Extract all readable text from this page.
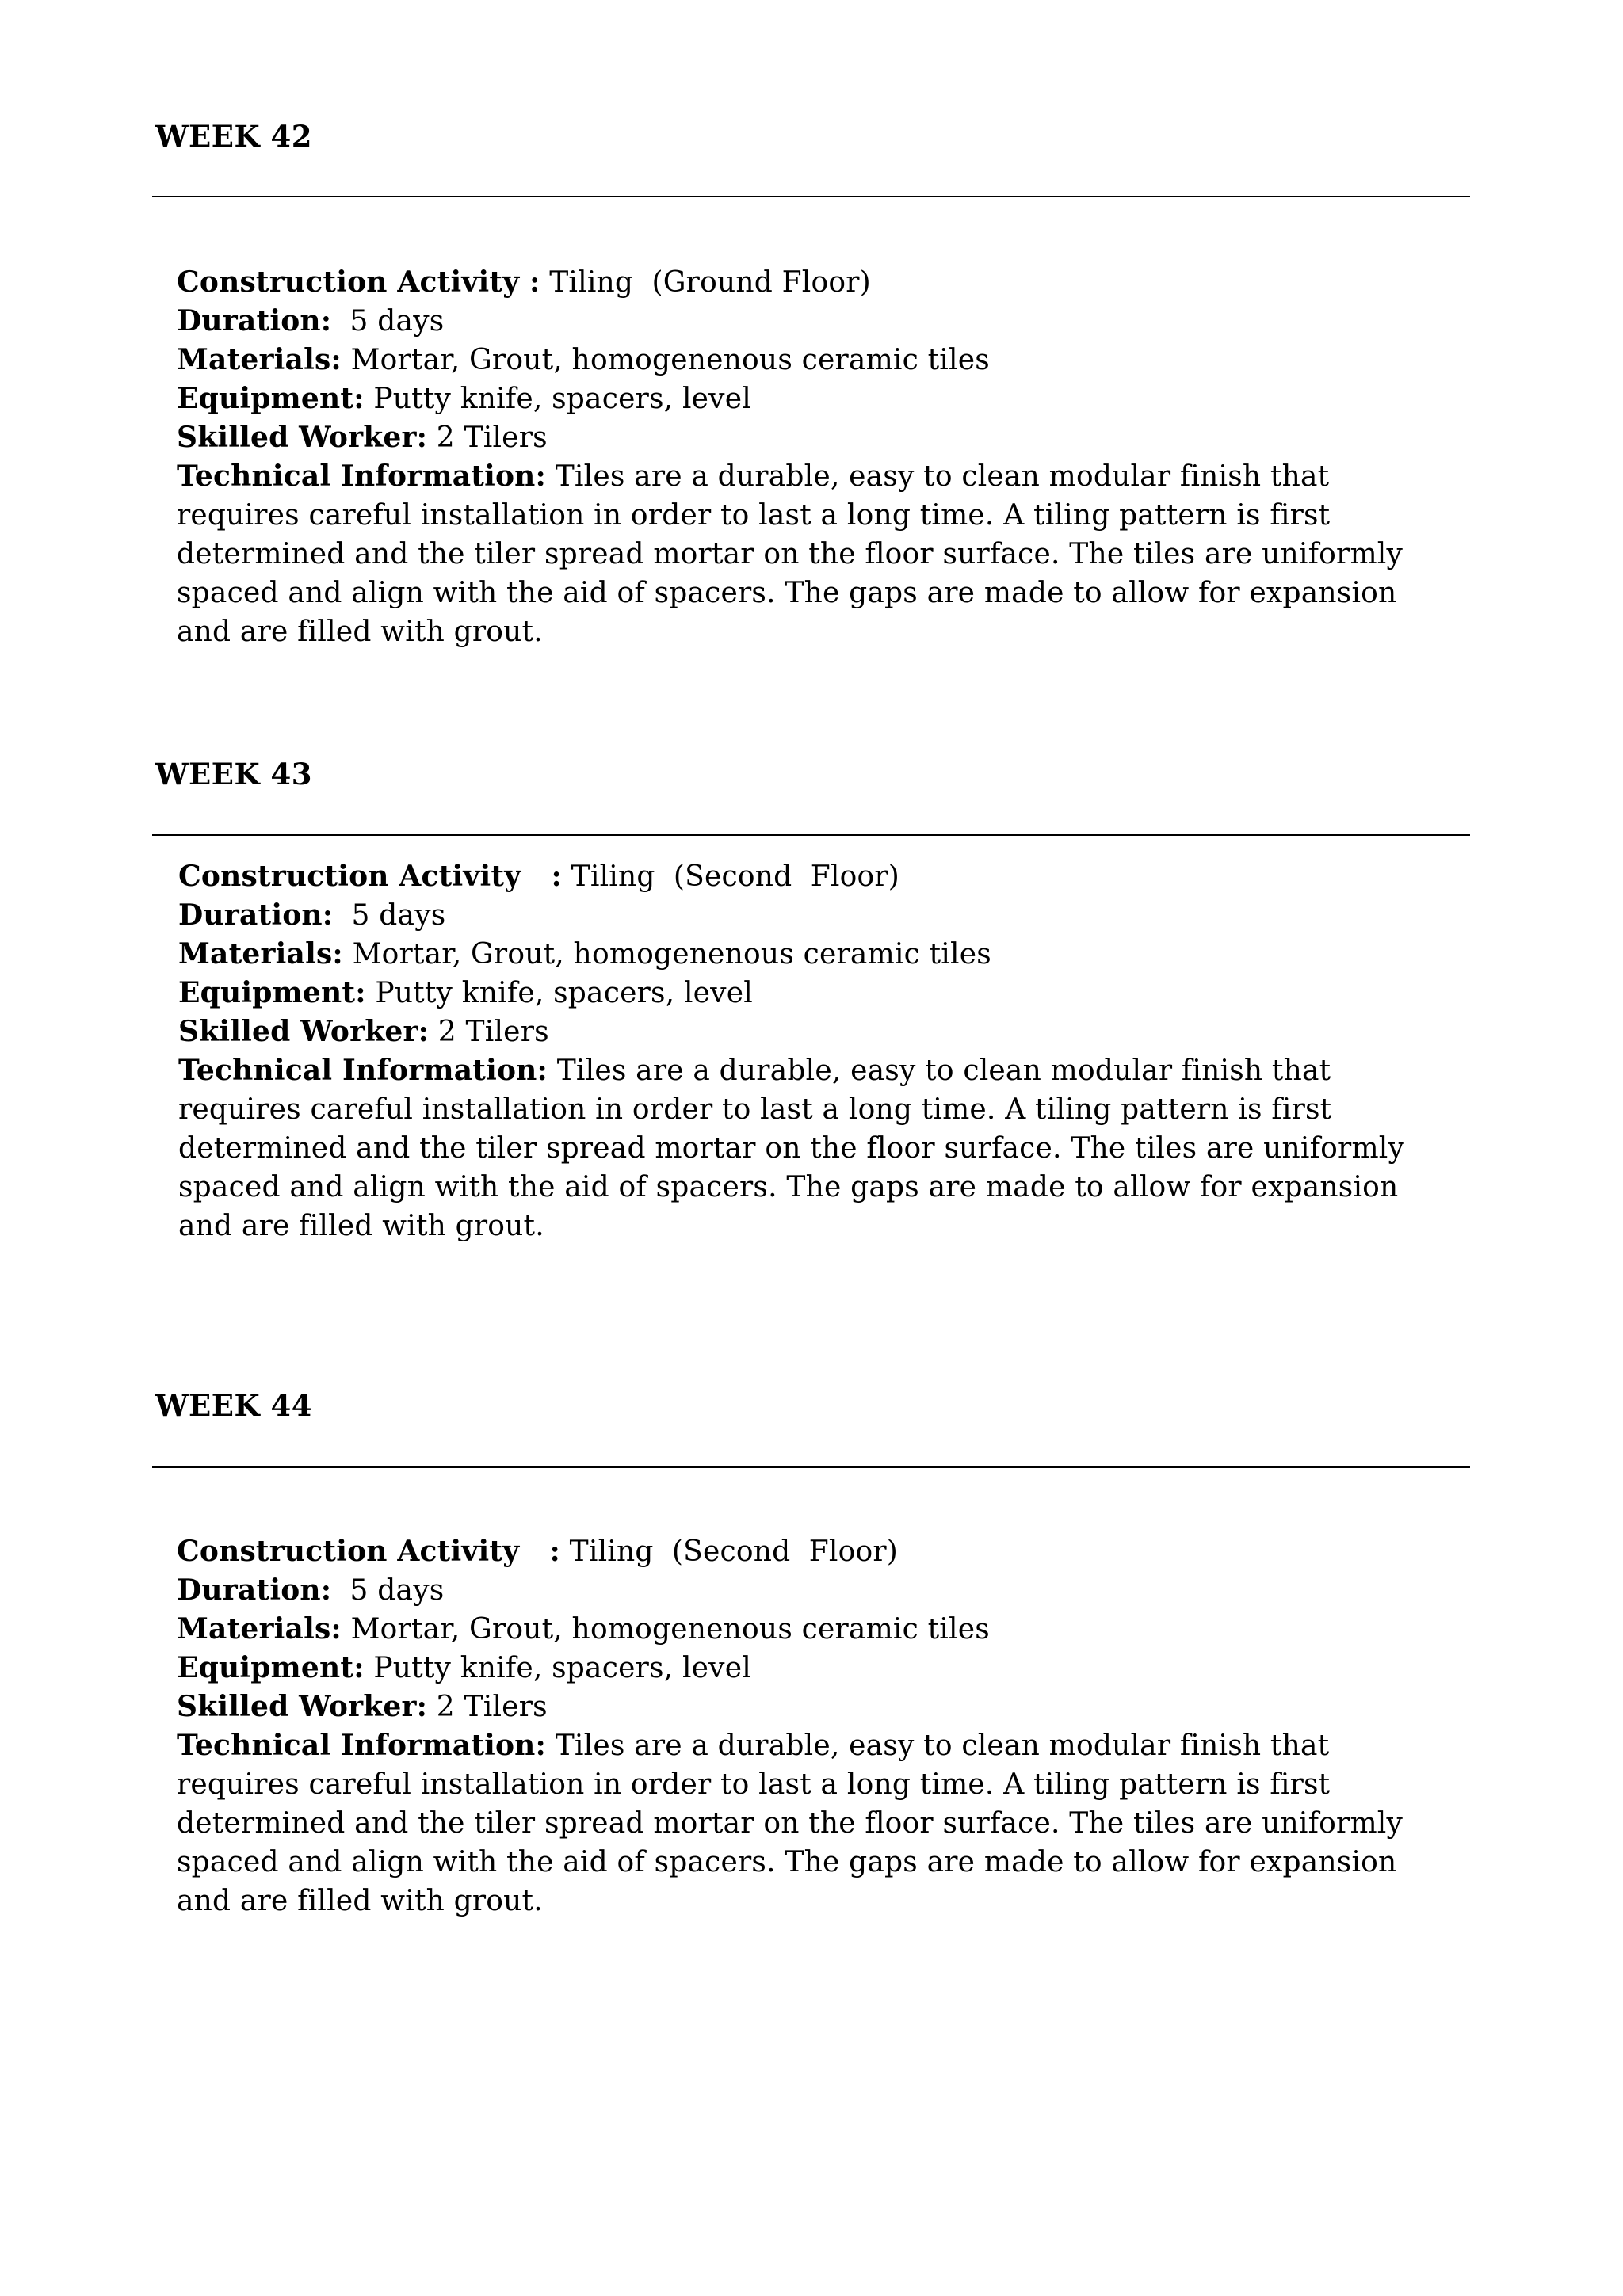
WEEK 42
Construction Activity : Tiling  (Ground Floor)
Duration:  5 days
Materials: Mortar, Grout, homogenenous ceramic tiles
Equipment: Putty knife, spacers, level
Skilled Worker: 2 Tilers
Technical Information: Tiles are a durable, easy to clean modular finish that requires careful installation in order to last a long time. A tiling pattern is first determined and the tiler spread mortar on the floor surface. The tiles are uniformly spaced and align with the aid of spacers. The gaps are made to allow for expansion and are filled with grout.
WEEK 43
Construction Activity   : Tiling  (Second  Floor)
Duration:  5 days
Materials: Mortar, Grout, homogenenous ceramic tiles
Equipment: Putty knife, spacers, level
Skilled Worker: 2 Tilers
Technical Information: Tiles are a durable, easy to clean modular finish that requires careful installation in order to last a long time. A tiling pattern is first determined and the tiler spread mortar on the floor surface. The tiles are uniformly spaced and align with the aid of spacers. The gaps are made to allow for expansion and are filled with grout.
WEEK 44
Construction Activity   : Tiling  (Second  Floor)
Duration:  5 days
Materials: Mortar, Grout, homogenenous ceramic tiles
Equipment: Putty knife, spacers, level
Skilled Worker: 2 Tilers
Technical Information: Tiles are a durable, easy to clean modular finish that requires careful installation in order to last a long time. A tiling pattern is first determined and the tiler spread mortar on the floor surface. The tiles are uniformly spaced and align with the aid of spacers. The gaps are made to allow for expansion and are filled with grout.
